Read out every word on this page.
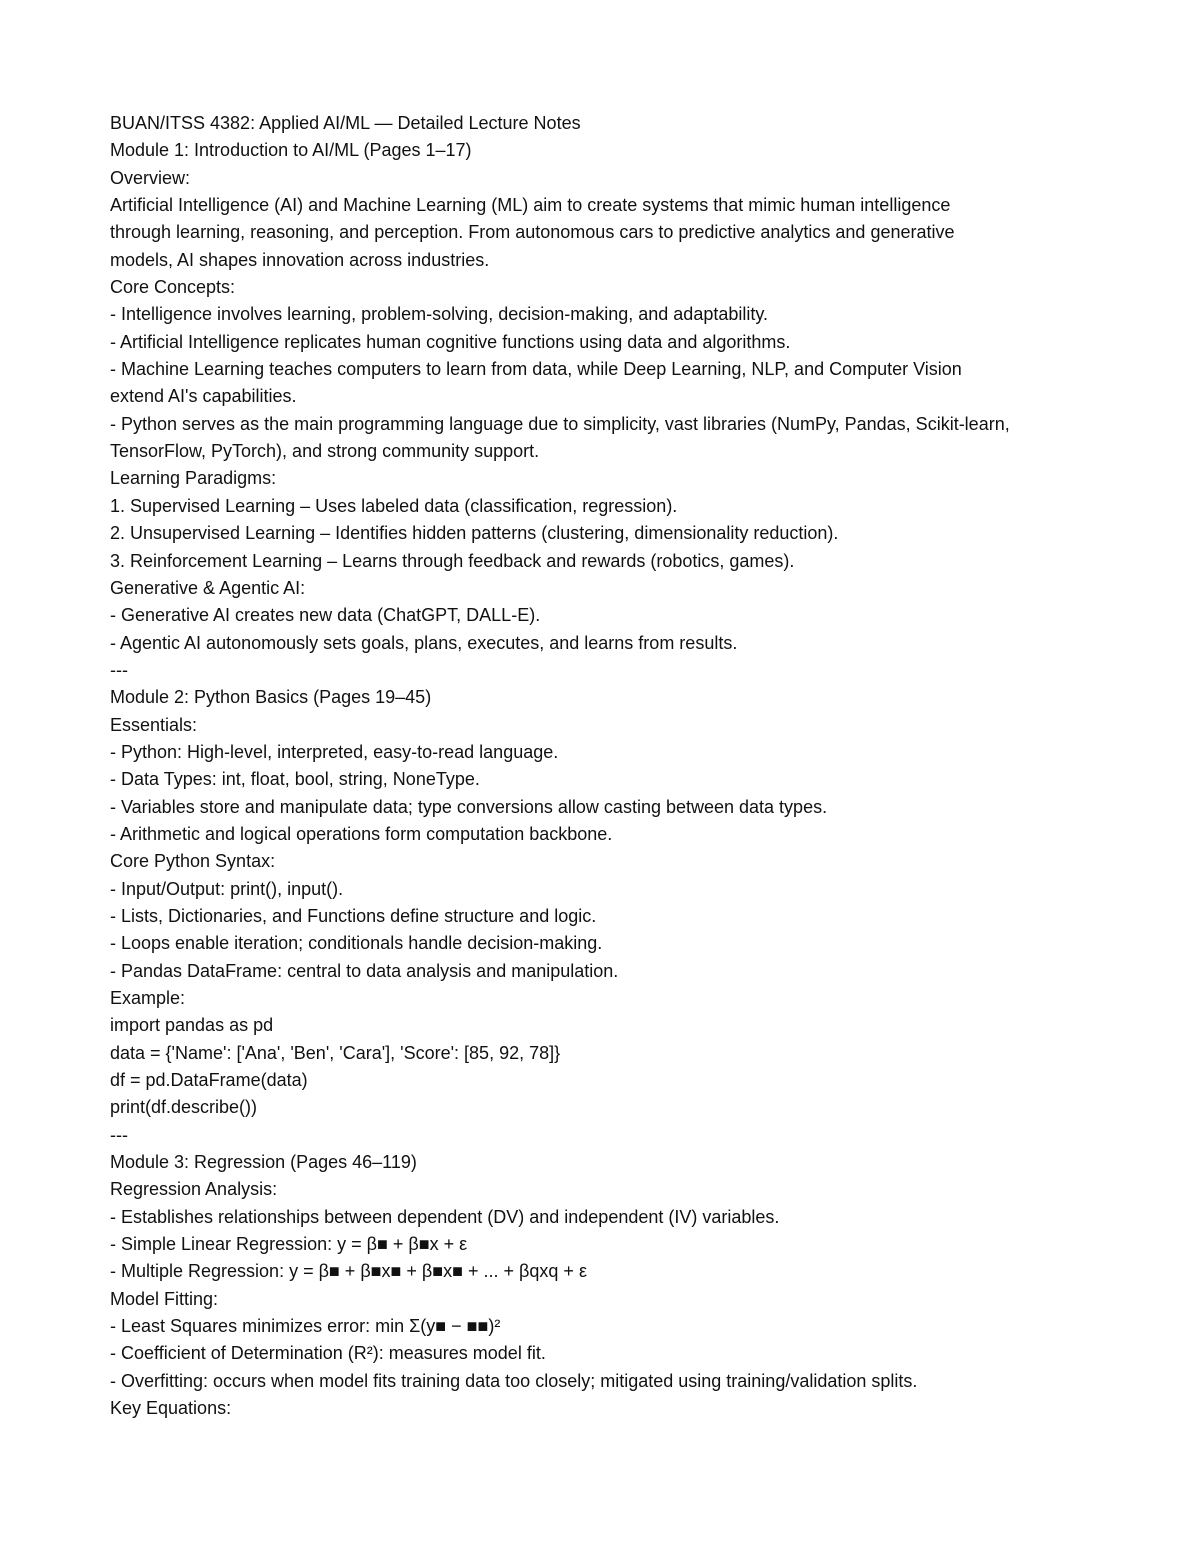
BUAN/ITSS 4382: Applied AI/ML — Detailed Lecture Notes

Module 1: Introduction to AI/ML (Pages 1–17)

Overview:

Artificial Intelligence (AI) and Machine Learning (ML) aim to create systems that mimic human intelligence

through learning, reasoning, and perception. From autonomous cars to predictive analytics and generative

models, AI shapes innovation across industries.

Core Concepts:

- Intelligence involves learning, problem-solving, decision-making, and adaptability.

- Artificial Intelligence replicates human cognitive functions using data and algorithms.

- Machine Learning teaches computers to learn from data, while Deep Learning, NLP, and Computer Vision

extend AI's capabilities.

- Python serves as the main programming language due to simplicity, vast libraries (NumPy, Pandas, Scikit-learn,

TensorFlow, PyTorch), and strong community support.

Learning Paradigms:

1. Supervised Learning – Uses labeled data (classification, regression).

2. Unsupervised Learning – Identifies hidden patterns (clustering, dimensionality reduction).

3. Reinforcement Learning – Learns through feedback and rewards (robotics, games).

Generative & Agentic AI:

- Generative AI creates new data (ChatGPT, DALL-E).

- Agentic AI autonomously sets goals, plans, executes, and learns from results.

---

Module 2: Python Basics (Pages 19–45)

Essentials:

- Python: High-level, interpreted, easy-to-read language.

- Data Types: int, float, bool, string, NoneType.

- Variables store and manipulate data; type conversions allow casting between data types.

- Arithmetic and logical operations form computation backbone.

Core Python Syntax:

- Input/Output: print(), input().

- Lists, Dictionaries, and Functions define structure and logic.

- Loops enable iteration; conditionals handle decision-making.

- Pandas DataFrame: central to data analysis and manipulation.

Example:

import pandas as pd

data = {'Name': ['Ana', 'Ben', 'Cara'], 'Score': [85, 92, 78]}

df = pd.DataFrame(data)

print(df.describe())

---

Module 3: Regression (Pages 46–119)

Regression Analysis:

- Establishes relationships between dependent (DV) and independent (IV) variables.

- Simple Linear Regression: y = β■ + β■x + ε

- Multiple Regression: y = β■ + β■x■ + β■x■ + ... + βqxq + ε

Model Fitting:

- Least Squares minimizes error: min Σ(y■ − ■■)²

- Coefficient of Determination (R²): measures model fit.

- Overfitting: occurs when model fits training data too closely; mitigated using training/validation splits.

Key Equations:
